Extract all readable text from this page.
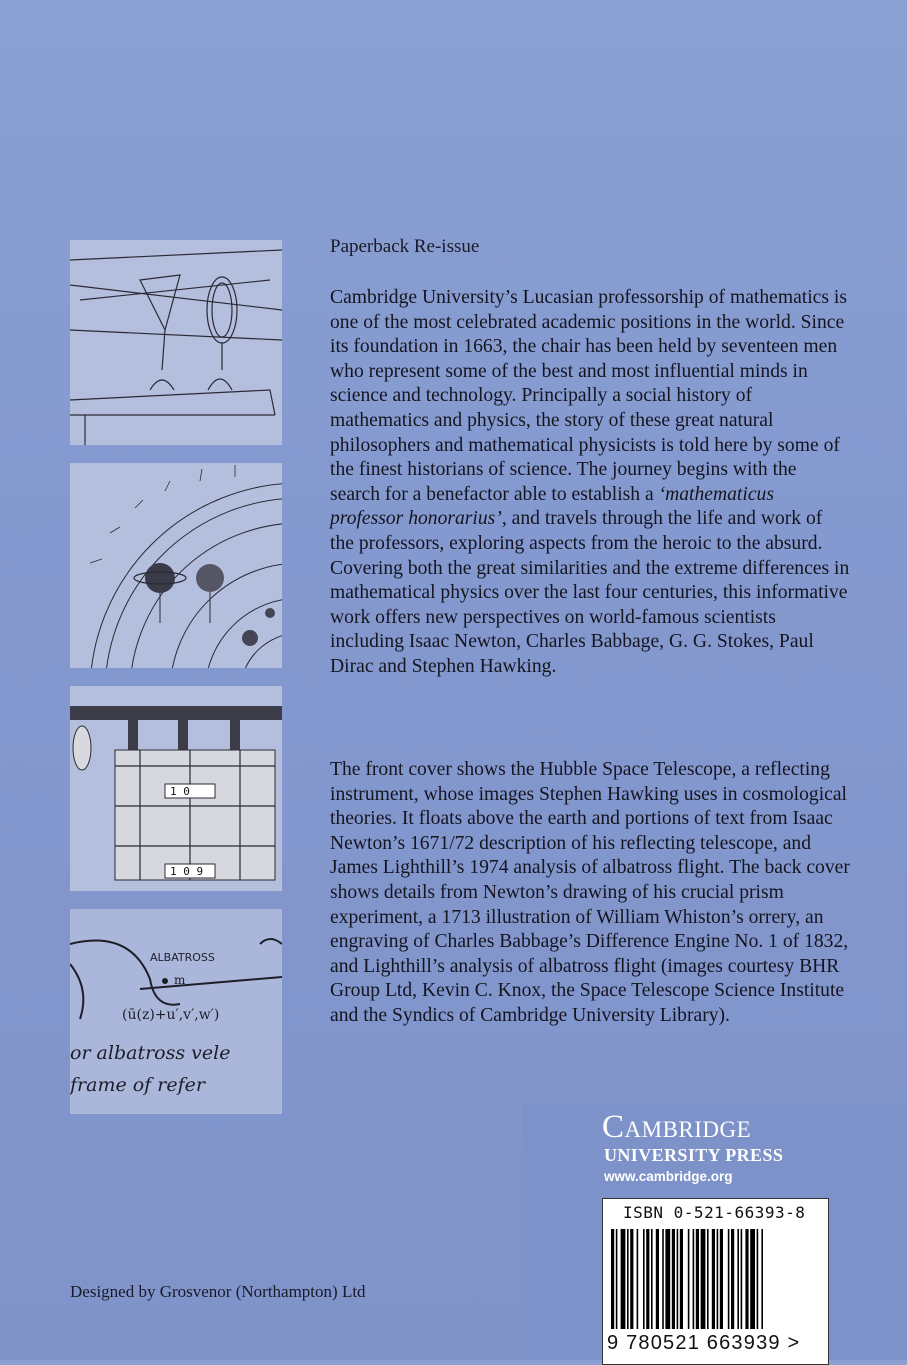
1 0
1 0 9
ALBATROSS
m
(ū(z)+u′,v′,w′)
or albatross vele
frame of refer
Paperback Re-issue
Cambridge University’s Lucasian professorship of mathematics is one of the most celebrated academic positions in the world. Since its foundation in 1663, the chair has been held by seventeen men who represent some of the best and most influential minds in science and technology. Principally a social history of mathematics and physics, the story of these great natural philosophers and mathematical physicists is told here by some of the finest historians of science. The journey begins with the search for a benefactor able to establish a ‘mathematicus professor honorarius’, and travels through the life and work of the professors, exploring aspects from the heroic to the absurd. Covering both the great similarities and the extreme differences in mathematical physics over the last four centuries, this informative work offers new perspectives on world-famous scientists including Isaac Newton, Charles Babbage, G. G. Stokes, Paul Dirac and Stephen Hawking.
The front cover shows the Hubble Space Telescope, a reflecting instrument, whose images Stephen Hawking uses in cosmological theories. It floats above the earth and portions of text from Isaac Newton’s 1671/72 description of his reflecting telescope, and James Lighthill’s 1974 analysis of albatross flight. The back cover shows details from Newton’s drawing of his crucial prism experiment, a 1713 illustration of William Whiston’s orrery, an engraving of Charles Babbage’s Difference Engine No. 1 of 1832, and Lighthill’s analysis of albatross flight (images courtesy BHR Group Ltd, Kevin C. Knox, the Space Telescope Science Institute and the Syndics of Cambridge University Library).
Cambridge
UNIVERSITY PRESS
www.cambridge.org
ISBN 0-521-66393-8
9 780521 663939 >
Designed by Grosvenor (Northampton) Ltd
